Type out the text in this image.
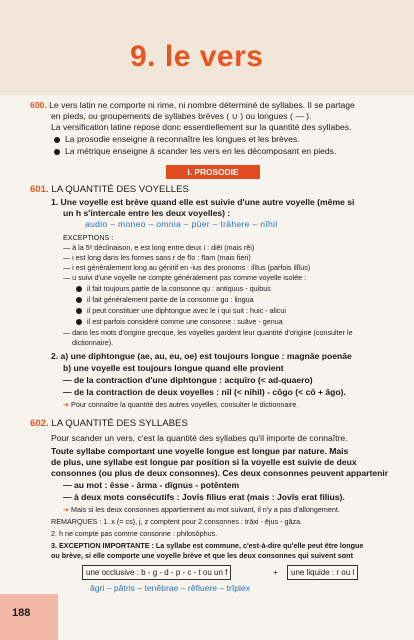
9. le vers
600. Le vers latin ne comporte ni rime, ni nombre déterminé de syllabes. Il se partage
en pieds, ou groupements de syllabes brèves ( ∪ ) ou longues ( — ).
La versification latine repose donc essentiellement sur la quantité des syllabes.
La prosodie enseigne à reconnaître les longues et les brèves.
La métrique enseigne à scander les vers en les décomposant en pieds.
I. PROSODIE
601. LA QUANTITÉ DES VOYELLES
1. Une voyelle est brève quand elle est suivie d'une autre voyelle (même si
un h s'intercale entre les deux voyelles) :
audio – moneo – omnia – pūer – trāhere – nĭhil
EXCEPTIONS :
— à la 5ᵉ déclinaison, e est long entre deux i : diēi (mais rĕi)
— i est long dans les formes sans r de fīo : fīam (mais fieri)
— i est généralement long au génitif en -ius des pronoms : illīus (parfois illĭus)
— u suivi d'une voyelle ne compte généralement pas comme voyelle isolée :
il fait toujours partie de la consonne qu : antiquus - quibus
il fait généralement partie de la consonne gu : lingua
il peut constituer une diphtongue avec le i qui suit : huic - alicui
il est parfois considéré comme une consonne : suāve - genua
— dans les mots d'origine grecque, les voyelles gardent leur quantité d'origine (consulter le
dictionnaire).
2. a) une diphtongue (ae, au, eu, oe) est toujours longue : magnāe poenāe
b) une voyelle est toujours longue quand elle provient
— de la contraction d'une diphtongue : acquīro (< ad-quaero)
— de la contraction de deux voyelles : nīl (< nihil) - cōgo (< cō + ăgo).
➔ Pour connaître la quantité des autres voyelles, consulter le dictionnaire.
602. LA QUANTITÉ DES SYLLABES
Pour scander un vers, c'est la quantité des syllabes qu'il importe de connaître.
Toute syllabe comportant une voyelle longue est longue par nature. Mais
de plus, une syllabe est longue par position si la voyelle est suivie de deux
consonnes (ou plus de deux consonnes). Ces deux consonnes peuvent appartenir
— au mot : ēsse - ārma - dīgnus - potēntem
— à deux mots consécutifs : Jovīs filius erat (mais : Jovĭs erat filius).
➔ Mais si les deux consonnes appartiennent au mot suivant, il n'y a pas d'allongement.
REMARQUES : 1. x (= cs), j, z comptent pour 2 consonnes : trāxi - ējus - gāza.
2. h ne compte pas comme consonne : philosŏphus.
3. EXCEPTION IMPORTANTE : La syllabe est commune, c'est-à-dire qu'elle peut être longue
ou brève, si elle comporte une voyelle brève et que les deux consonnes qui suivent sont
une occlusive : b - g - d - p - c - t ou un f	+	une liquide : r ou l
ăgri – pătris – tenĕbrae – rĕfluere – trĭplex
188
